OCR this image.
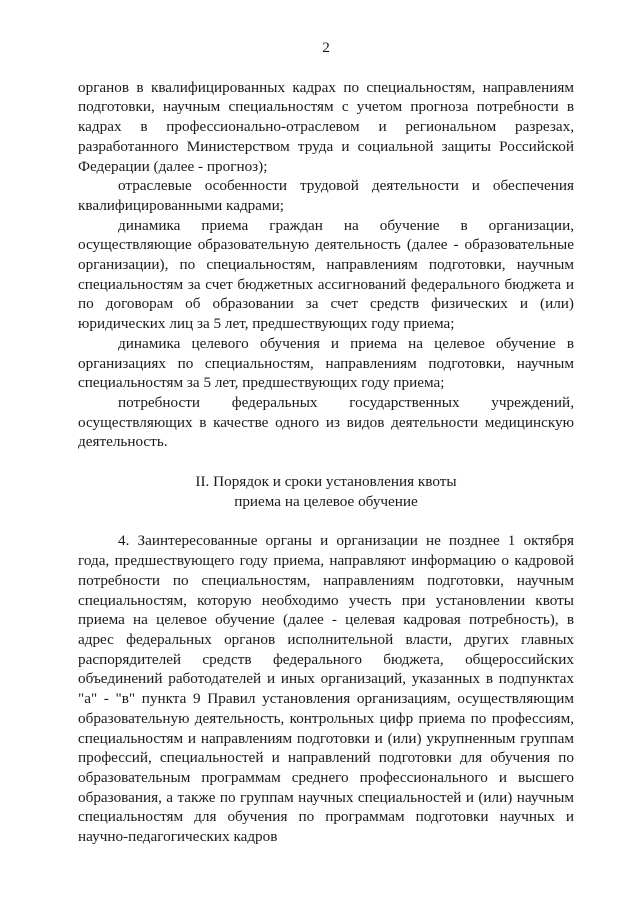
2

органов в квалифицированных кадрах по специальностям, направлениям подготовки, научным специальностям с учетом прогноза потребности в кадрах в профессионально-отраслевом и региональном разрезах, разработанного Министерством труда и социальной защиты Российской Федерации (далее - прогноз);

отраслевые особенности трудовой деятельности и обеспечения квалифицированными кадрами;

динамика приема граждан на обучение в организации, осуществляющие образовательную деятельность (далее - образовательные организации), по специальностям, направлениям подготовки, научным специальностям за счет бюджетных ассигнований федерального бюджета и по договорам об образовании за счет средств физических и (или) юридических лиц за 5 лет, предшествующих году приема;

динамика целевого обучения и приема на целевое обучение в организациях по специальностям, направлениям подготовки, научным специальностям за 5 лет, предшествующих году приема;

потребности федеральных государственных учреждений, осуществляющих в качестве одного из видов деятельности медицинскую деятельность.

II. Порядок и сроки установления квоты
приема на целевое обучение

4. Заинтересованные органы и организации не позднее 1 октября года, предшествующего году приема, направляют информацию о кадровой потребности по специальностям, направлениям подготовки, научным специальностям, которую необходимо учесть при установлении квоты приема на целевое обучение (далее - целевая кадровая потребность), в адрес федеральных органов исполнительной власти, других главных распорядителей средств федерального бюджета, общероссийских объединений работодателей и иных организаций, указанных в подпунктах "а" - "в" пункта 9 Правил установления организациям, осуществляющим образовательную деятельность, контрольных цифр приема по профессиям, специальностям и направлениям подготовки и (или) укрупненным группам профессий, специальностей и направлений подготовки для обучения по образовательным программам среднего профессионального и высшего образования, а также по группам научных специальностей и (или) научным специальностям для обучения по программам подготовки научных и научно-педагогических кадров
